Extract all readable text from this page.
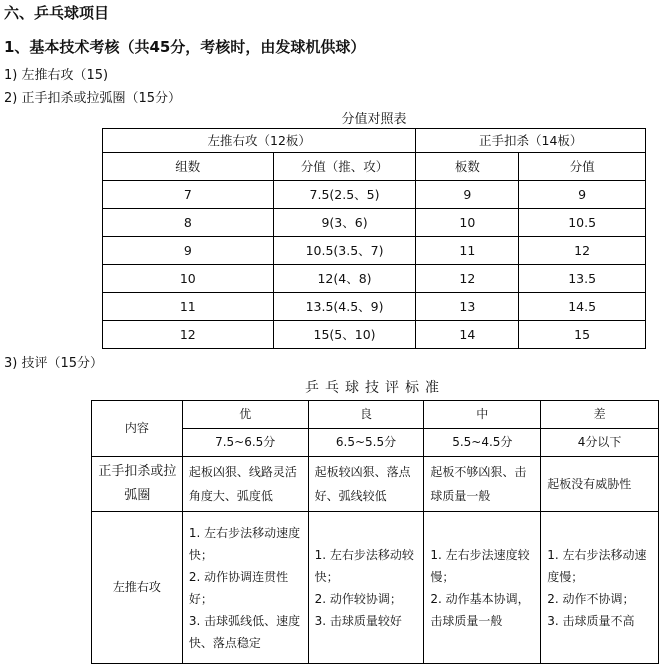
六、乒乓球项目
1、基本技术考核（共45分，考核时，由发球机供球）
1) 左推右攻（15)
2) 正手扣杀或拉弧圈（15分）
分值对照表
左推右攻（12板）		正手扣杀（14板）	
组数	分值（推、攻）	板数	分值
7	7.5(2.5、5)	9	9
8	9(3、6)	10	10.5
9	10.5(3.5、7)	11	12
10	12(4、8)	12	13.5
11	13.5(4.5、9)	13	14.5
12	15(5、10)	14	15
3) 技评（15分）
乒乓球技评标准
内容	优	良	中	差
	7.5~6.5分	6.5~5.5分	5.5~4.5分	4分以下
正手扣杀或拉弧圈	起板凶狠、线路灵活角度大、弧度低	起板较凶狠、落点好、弧线较低	起板不够凶狠、击球质量一般	起板没有威胁性
左推右攻	1. 左右步法移动速度快；
2. 动作协调连贯性好；
3. 击球弧线低、速度快、落点稳定	1. 左右步法移动较快；
2. 动作较协调；
3. 击球质量较好	1. 左右步法速度较慢；
2. 动作基本协调，击球质量一般	1. 左右步法移动速度慢；
2. 动作不协调；
3. 击球质量不高
